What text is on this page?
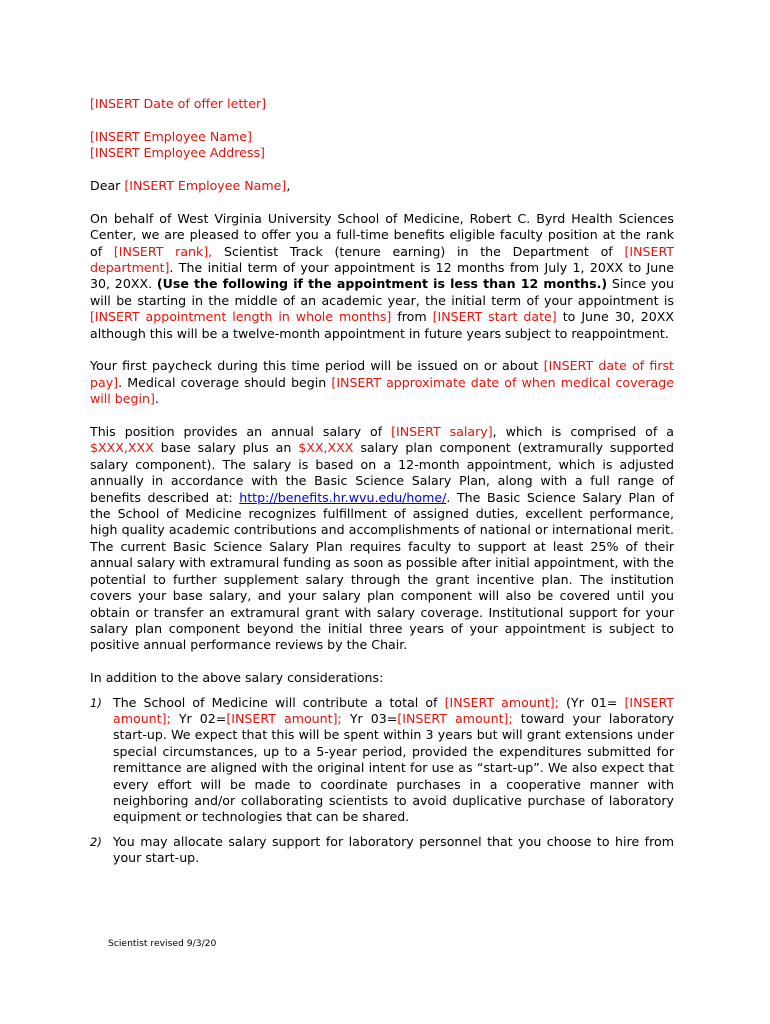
[INSERT Date of offer letter]

[INSERT Employee Name]
[INSERT Employee Address]

Dear [INSERT Employee Name],

On behalf of West Virginia University School of Medicine, Robert C. Byrd Health Sciences Center, we are pleased to offer you a full-time benefits eligible faculty position at the rank of [INSERT rank], Scientist Track (tenure earning) in the Department of [INSERT department]. The initial term of your appointment is 12 months from July 1, 20XX to June 30, 20XX. (Use the following if the appointment is less than 12 months.) Since you will be starting in the middle of an academic year, the initial term of your appointment is [INSERT appointment length in whole months] from [INSERT start date] to June 30, 20XX although this will be a twelve-month appointment in future years subject to reappointment.

Your first paycheck during this time period will be issued on or about [INSERT date of first pay]. Medical coverage should begin [INSERT approximate date of when medical coverage will begin].

This position provides an annual salary of [INSERT salary], which is comprised of a $XXX,XXX base salary plus an $XX,XXX salary plan component (extramurally supported salary component). The salary is based on a 12-month appointment, which is adjusted annually in accordance with the Basic Science Salary Plan, along with a full range of benefits described at: http://benefits.hr.wvu.edu/home/. The Basic Science Salary Plan of the School of Medicine recognizes fulfillment of assigned duties, excellent performance, high quality academic contributions and accomplishments of national or international merit. The current Basic Science Salary Plan requires faculty to support at least 25% of their annual salary with extramural funding as soon as possible after initial appointment, with the potential to further supplement salary through the grant incentive plan. The institution covers your base salary, and your salary plan component will also be covered until you obtain or transfer an extramural grant with salary coverage. Institutional support for your salary plan component beyond the initial three years of your appointment is subject to positive annual performance reviews by the Chair.

In addition to the above salary considerations:

1) The School of Medicine will contribute a total of [INSERT amount]; (Yr 01= [INSERT amount]; Yr 02=[INSERT amount]; Yr 03=[INSERT amount]; toward your laboratory start-up. We expect that this will be spent within 3 years but will grant extensions under special circumstances, up to a 5-year period, provided the expenditures submitted for remittance are aligned with the original intent for use as “start-up”. We also expect that every effort will be made to coordinate purchases in a cooperative manner with neighboring and/or collaborating scientists to avoid duplicative purchase of laboratory equipment or technologies that can be shared.
2) You may allocate salary support for laboratory personnel that you choose to hire from your start-up.
Scientist revised 9/3/20
